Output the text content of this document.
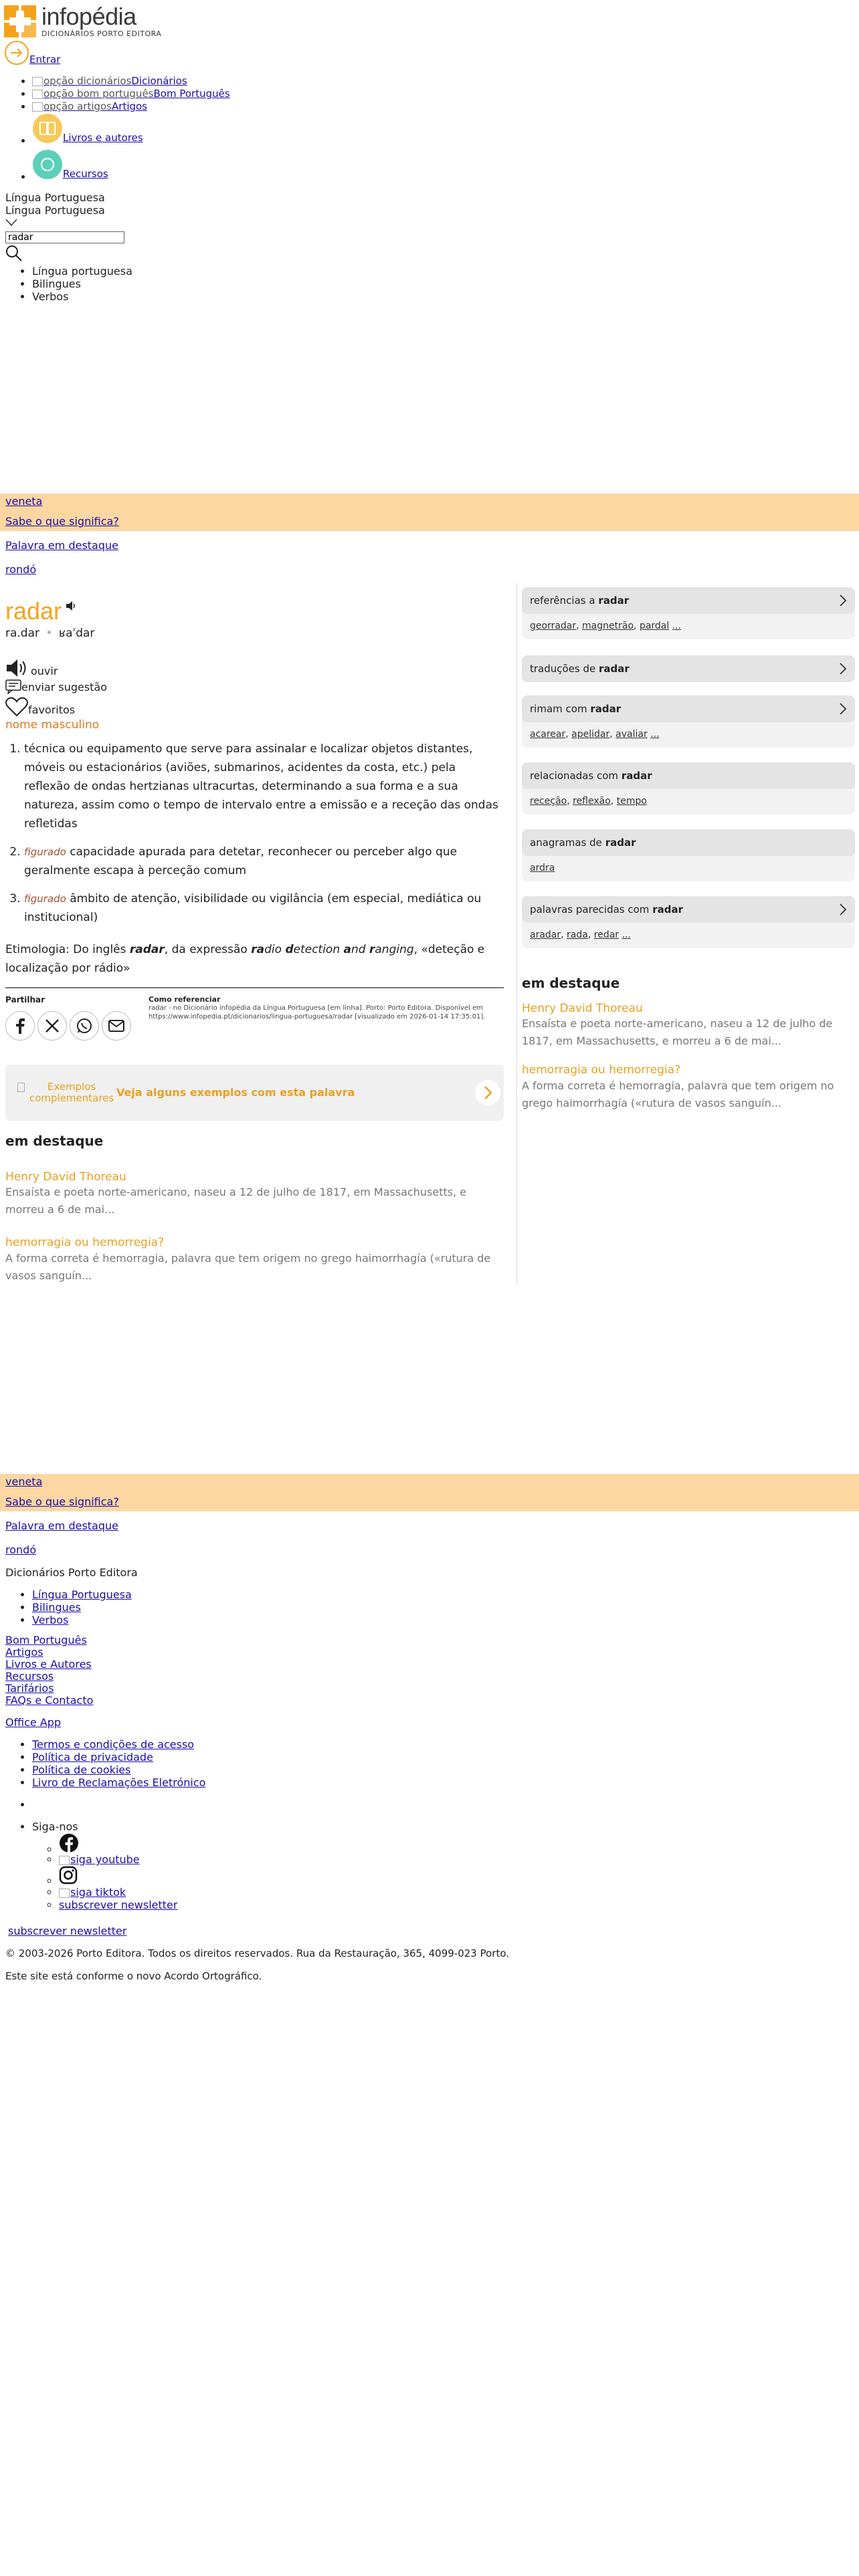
infopédia
DICIONÁRIOS PORTO EDITORA
Entrar
• opção dicionáriosDicionários
• opção bom portuguêsBom Português
• opção artigosArtigos
• Livros e autores
• Recursos
Língua Portuguesa
Língua Portuguesa
radar
• Língua portuguesa
• Bilingues
• Verbos
veneta
Sabe o que significa?
Palavra em destaque
rondó
radar
ra.dar • ʁaˈdar
ouvir
enviar sugestão
favoritos
nome masculino
1. técnica ou equipamento que serve para assinalar e localizar objetos distantes, móveis ou estacionários (aviões, submarinos, acidentes da costa, etc.) pela reflexão de ondas hertzianas ultracurtas, determinando a sua forma e a sua natureza, assim como o tempo de intervalo entre a emissão e a receção das ondas refletidas
2. figurado capacidade apurada para detetar, reconhecer ou perceber algo que geralmente escapa à perceção comum
3. figurado âmbito de atenção, visibilidade ou vigilância (em especial, mediática ou institucional)
Etimologia: Do inglês radar, da expressão radio detection and ranging, «deteção e localização por rádio»
Partilhar	Como referenciar
radar - no Dicionário infopédia da Língua Portuguesa [em linha]. Porto: Porto Editora. Disponível em https://www.infopedia.pt/dicionarios/lingua-portuguesa/radar [visualizado em 2026-01-14 17:35:01].
Exemplos complementares Veja alguns exemplos com esta palavra
em destaque
Henry David Thoreau
Ensaísta e poeta norte-americano, naseu a 12 de julho de 1817, em Massachusetts, e morreu a 6 de mai...
hemorragia ou hemorregia?
A forma correta é hemorragia, palavra que tem origem no grego haimorrhagía («rutura de vasos sanguín...
referências a radar
georradar, magnetrão, pardal ...
traduções de radar
rimam com radar
acarear, apelidar, avaliar ...
relacionadas com radar
receção, reflexão, tempo
anagramas de radar
ardra
palavras parecidas com radar
aradar, rada, redar ...
em destaque
Henry David Thoreau
Ensaísta e poeta norte-americano, naseu a 12 de julho de 1817, em Massachusetts, e morreu a 6 de mai...
hemorragia ou hemorregia?
A forma correta é hemorragia, palavra que tem origem no grego haimorrhagía («rutura de vasos sanguín...
veneta
Sabe o que significa?
Palavra em destaque
rondó
Dicionários Porto Editora
• Língua Portuguesa
• Bilingues
• Verbos
Bom Português
Artigos
Livros e Autores
Recursos
Tarifários
FAQs e Contacto
Office App
• Termos e condições de acesso
• Política de privacidade
• Política de cookies
• Livro de Reclamações Eletrónico
•
• Siga-nos
◦
◦ siga youtube
◦
◦ siga tiktok
◦ subscrever newsletter
subscrever newsletter
© 2003-2026 Porto Editora. Todos os direitos reservados. Rua da Restauração, 365, 4099-023 Porto.
Este site está conforme o novo Acordo Ortográfico.
